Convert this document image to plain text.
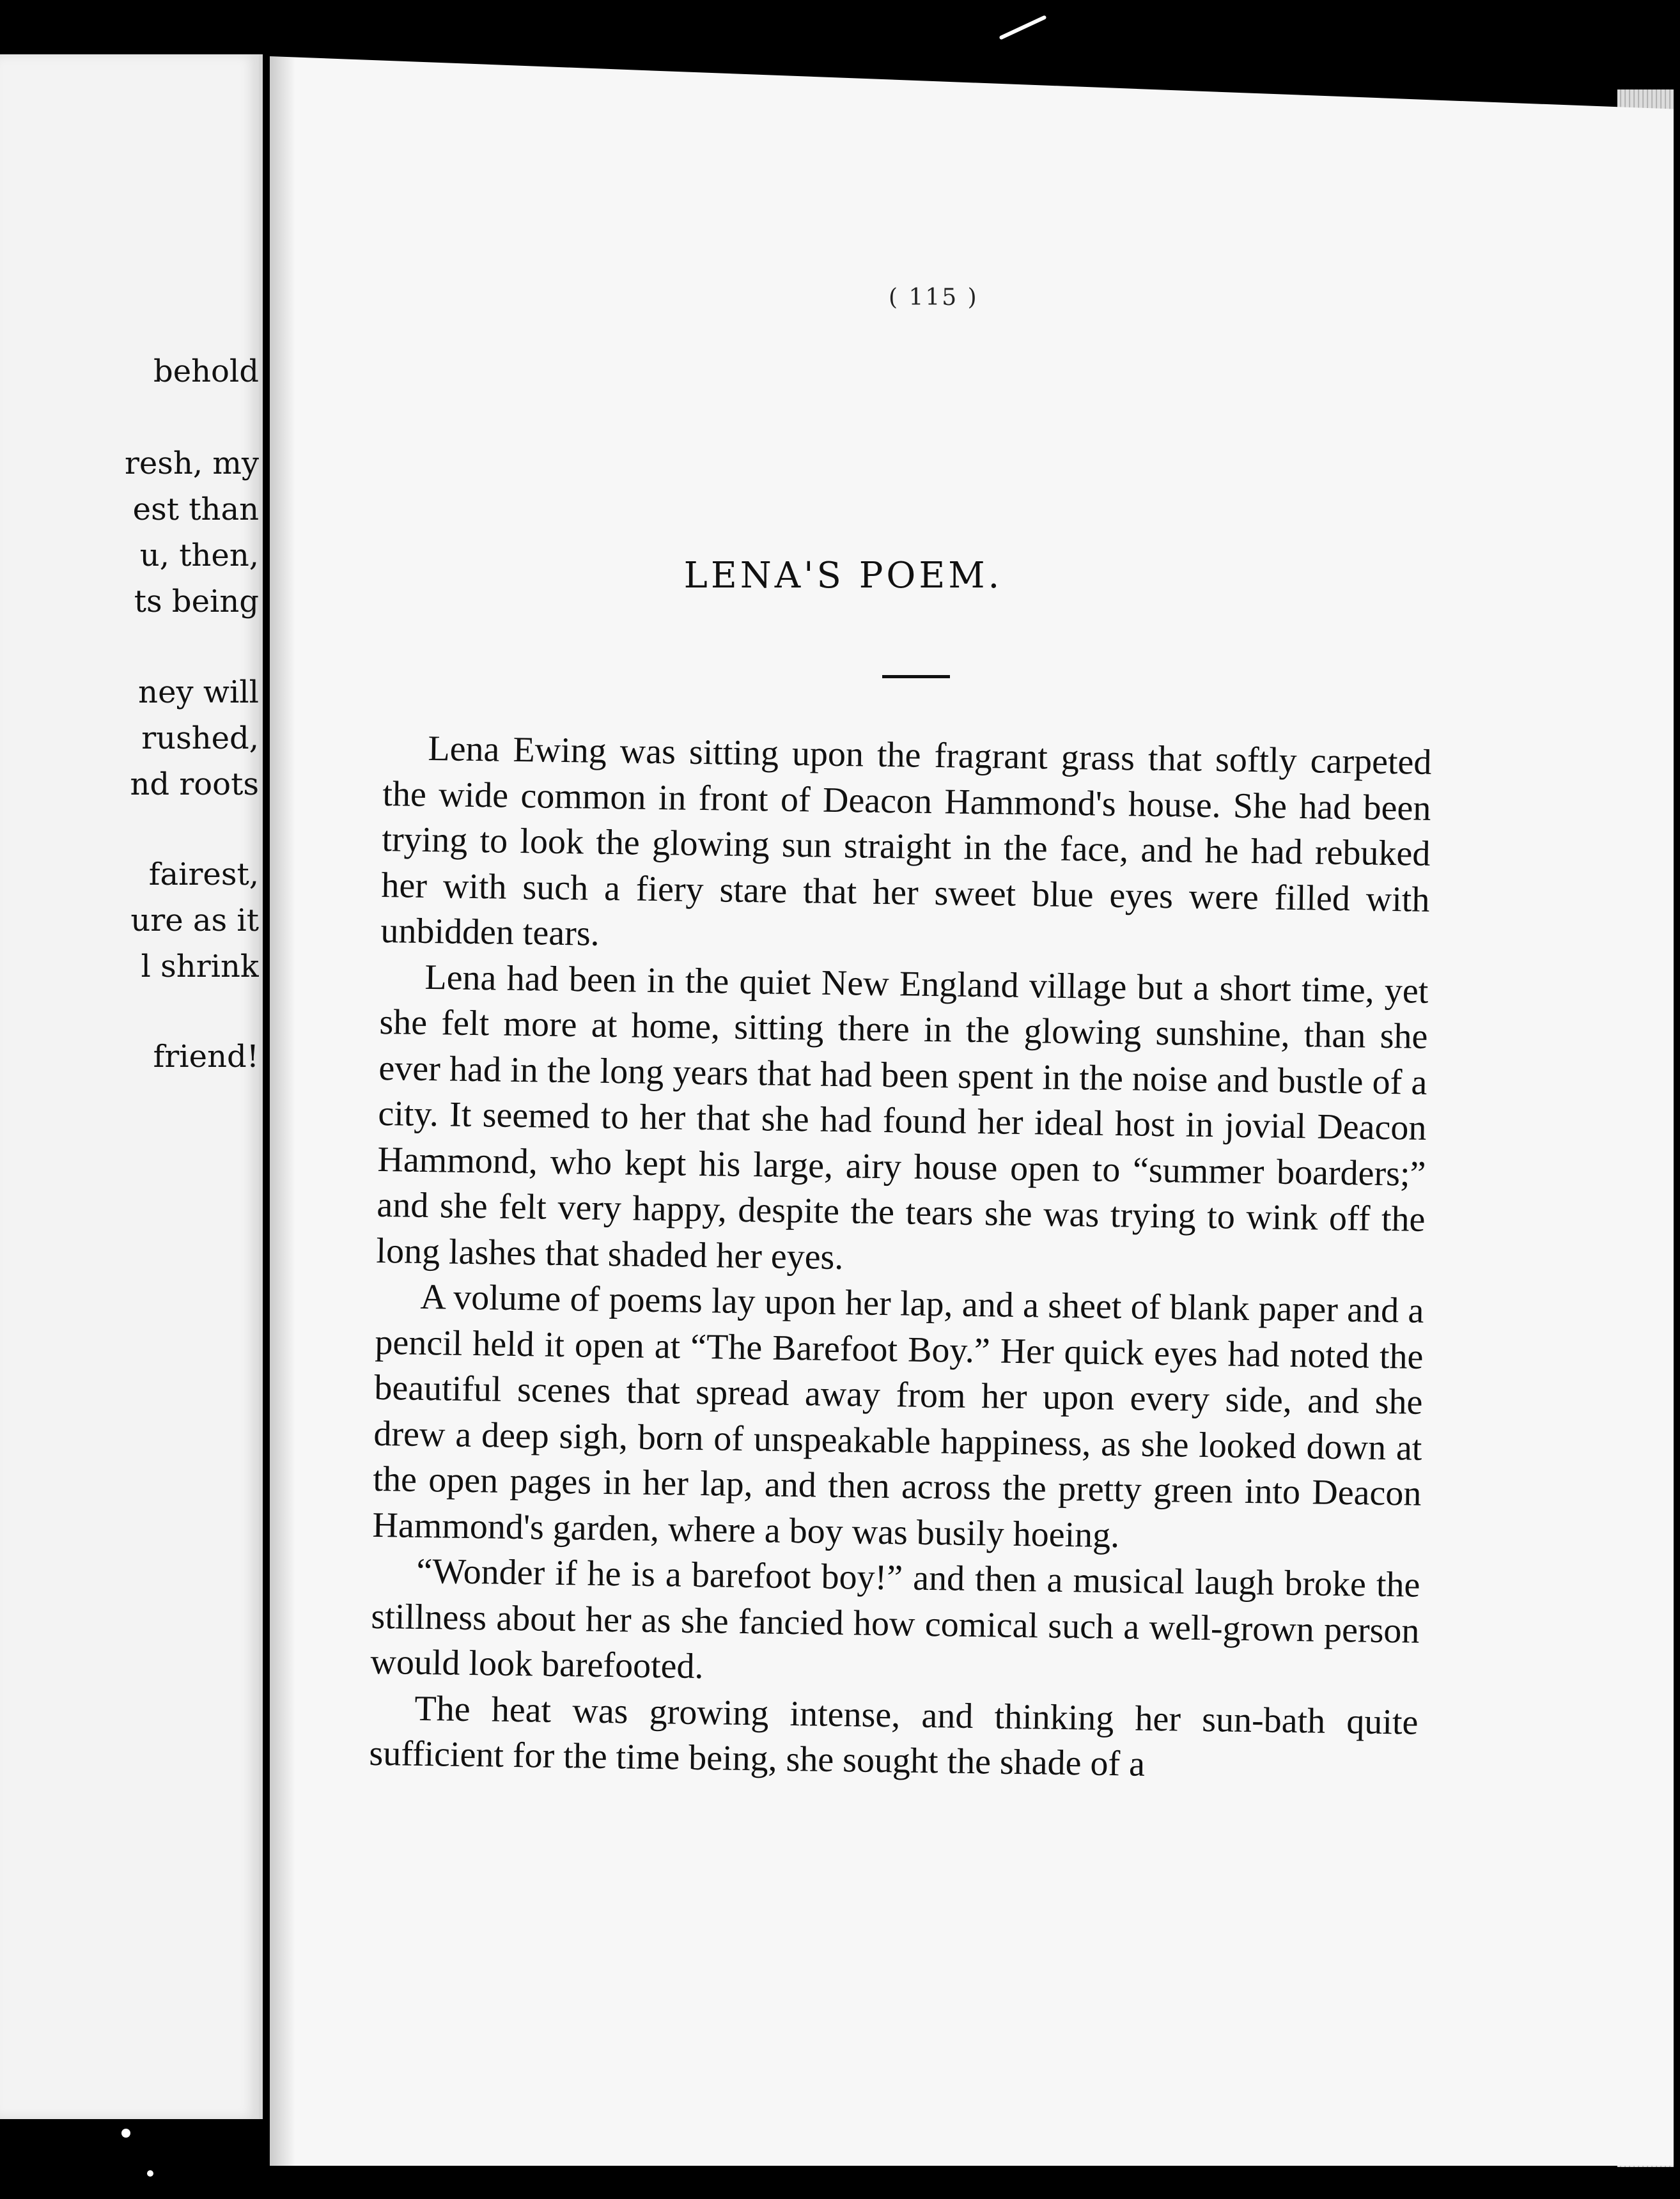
behold
resh, my
est than
u, then,
ts being
ney will
rushed,
nd roots
fairest,
ure as it
l shrink
friend!
( 115 )
LENA'S POEM.

Lena Ewing was sitting upon the fragrant grass that softly carpeted the wide common in front of Deacon Hammond's house. She had been trying to look the glowing sun straight in the face, and he had rebuked her with such a fiery stare that her sweet blue eyes were filled with unbidden tears.

Lena had been in the quiet New England village but a short time, yet she felt more at home, sitting there in the glowing sunshine, than she ever had in the long years that had been spent in the noise and bustle of a city. It seemed to her that she had found her ideal host in jovial Deacon Hammond, who kept his large, airy house open to “summer boarders;” and she felt very happy, despite the tears she was trying to wink off the long lashes that shaded her eyes.

A volume of poems lay upon her lap, and a sheet of blank paper and a pencil held it open at “The Barefoot Boy.” Her quick eyes had noted the beautiful scenes that spread away from her upon every side, and she drew a deep sigh, born of unspeakable happiness, as she looked down at the open pages in her lap, and then across the pretty green into Deacon Hammond's garden, where a boy was busily hoeing.

“Wonder if he is a barefoot boy!” and then a musical laugh broke the stillness about her as she fancied how comical such a well-grown person would look barefooted.

The heat was growing intense, and thinking her sun-bath quite sufficient for the time being, she sought the shade of a
